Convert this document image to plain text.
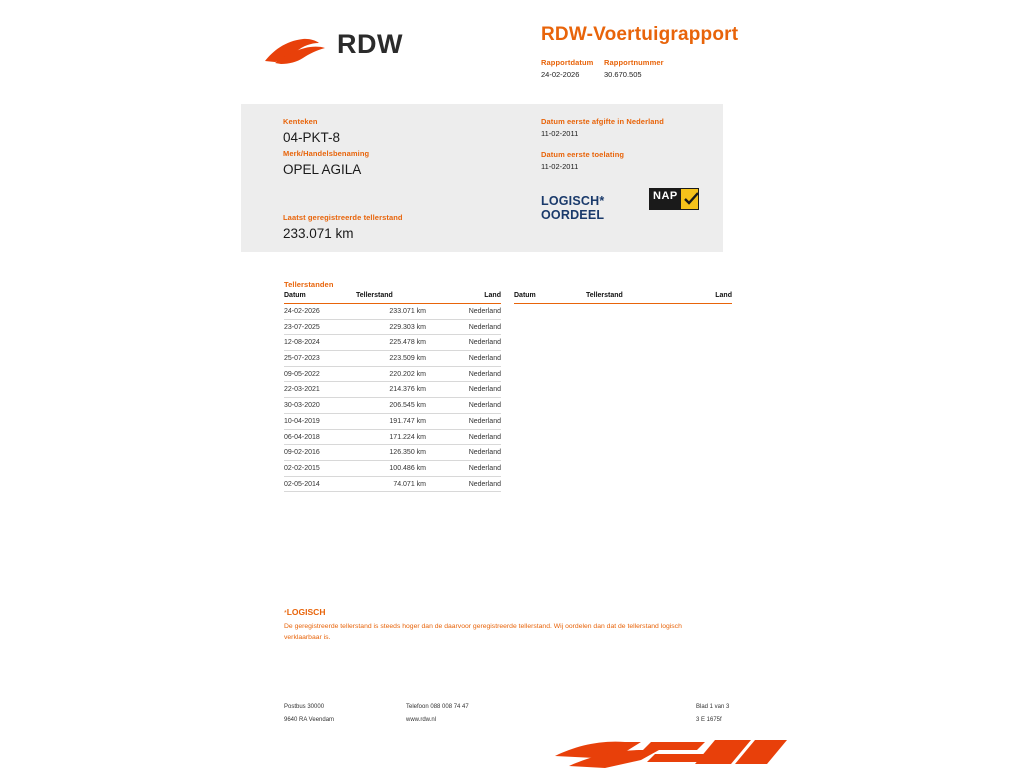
RDW	RDW-Voertuigrapport
Rapportdatum
24-02-2026
Rapportnummer
30.670.505
Kenteken
04-PKT-8
Merk/Handelsbenaming
OPEL AGILA
Laatst geregistreerde tellerstand
233.071 km
Datum eerste afgifte in Nederland
11-02-2011
Datum eerste toelating
11-02-2011
LOGISCH*
OORDEEL
NAP
Tellerstanden
Datum	Tellerstand	Land
24-02-2026	233.071 km	Nederland
23-07-2025	229.303 km	Nederland
12-08-2024	225.478 km	Nederland
25-07-2023	223.509 km	Nederland
09-05-2022	220.202 km	Nederland
22-03-2021	214.376 km	Nederland
30-03-2020	206.545 km	Nederland
10-04-2019	191.747 km	Nederland
06-04-2018	171.224 km	Nederland
09-02-2016	126.350 km	Nederland
02-02-2015	100.486 km	Nederland
02-05-2014	74.071 km	Nederland
Datum	Tellerstand	Land
*LOGISCH
De geregistreerde tellerstand is steeds hoger dan de daarvoor geregistreerde tellerstand. Wij oordelen dan dat de tellerstand logisch verklaarbaar is.
Postbus 30000
9640 RA Veendam
Telefoon 088 008 74 47
www.rdw.nl
Blad 1 van 3
3 E 1675f
